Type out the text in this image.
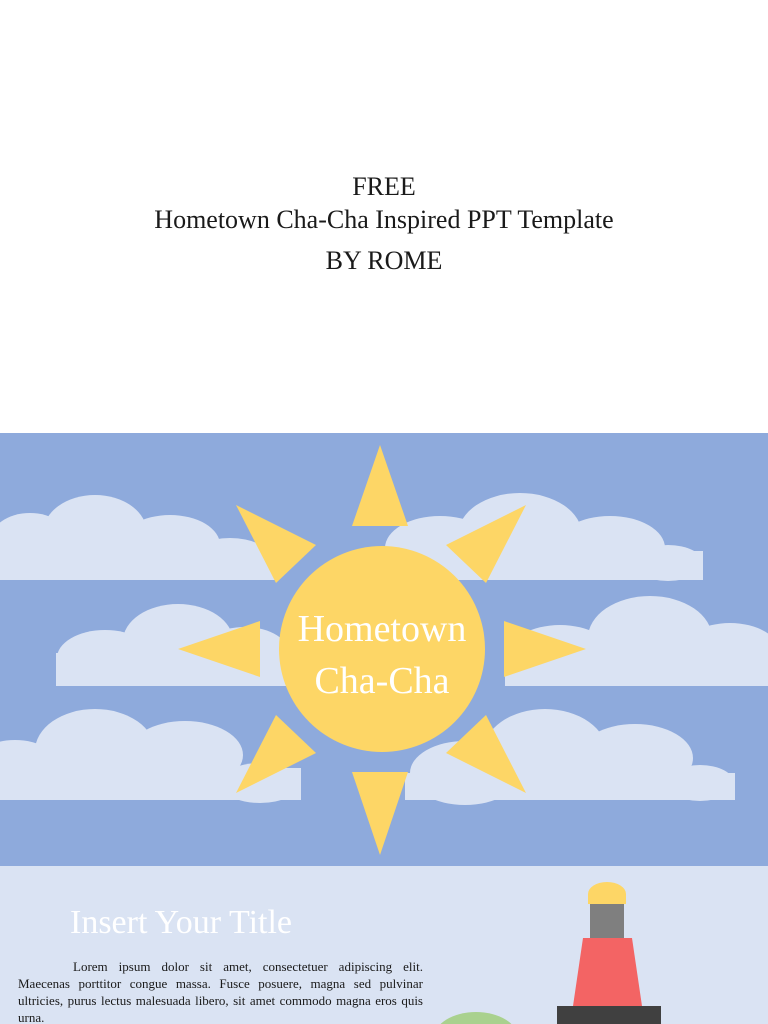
FREE
Hometown Cha-Cha Inspired PPT Template
BY ROME
Hometown
Cha-Cha
Insert Your Title
Lorem ipsum dolor sit amet, consectetuer adipiscing elit. Maecenas porttitor congue massa. Fusce posuere, magna sed pulvinar ultricies, purus lectus malesuada libero, sit amet commodo magna eros quis urna.
